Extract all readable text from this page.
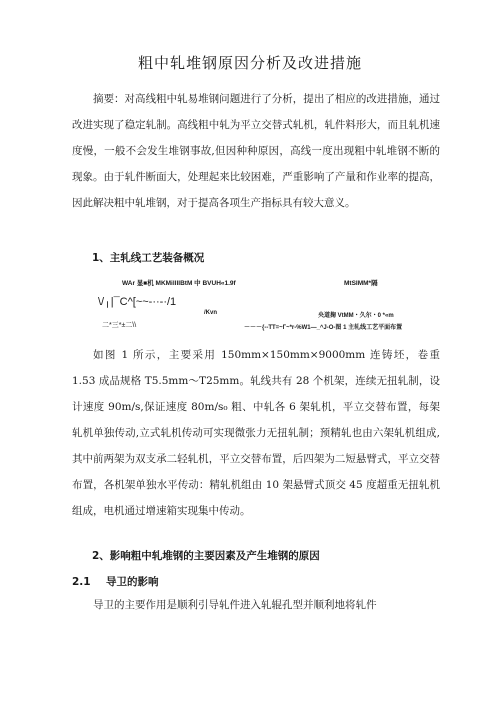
粗中轧堆钢原因分析及改进措施

摘要：对高线粗中轧易堆钢问题进行了分析，提出了相应的改进措施，通过改进实现了稳定轧制。高线粗中轧为平立交替式轧机，轧件料形大，而且轧机速度慢，一般不会发生堆钢事故,但因种种原因，高线一度出现粗中轧堆钢不断的现象。由于轧件断面大，处理起来比较困难，严重影响了产量和作业率的提高，因此解决粗中轧堆钢，对于提高各项生产指标具有较大意义。

1、主轧线工艺装备概况
WAr 显■机 MKMillIIBtM 中 BVUH«1.9f	MtSIMM*隔
\/╷|¯C^[~~-··-·/1
/Kvn	央道掬 VtMM・久尔・0 *«m
二*三*±二\\	－－－{--TT=~Г~*r-%W1—_^J-O-图 1 主轧线工艺平面布置

如图 1 所示，主要采用 150mm×150mm×9000mm 连铸坯，卷重 1.53 成品规格 T5.5mm〜T25mm。轧线共有 28 个机架，连续无扭轧制，设计速度 90m∕s,保证速度 80m∕s₀ 粗、中轧各 6 架轧机，平立交替布置，每架轧机单独传动,立式轧机传动可实现微张力无扭轧制；预精轧也由六架轧机组成,其中前两架为双支承二轻轧机，平立交替布置，后四架为二短悬臂式，平立交替布置，各机架单独水平传动：精轧机组由 10 架悬臂式顶交 45 度超重无扭轧机组成，电机通过增速箱实现集中传动。

2、影响粗中轧堆钢的主要因素及产生堆钢的原因
2.1 导卫的影响

导卫的主要作用是顺利引导轧件进入轧辊孔型并顺利地将轧件
